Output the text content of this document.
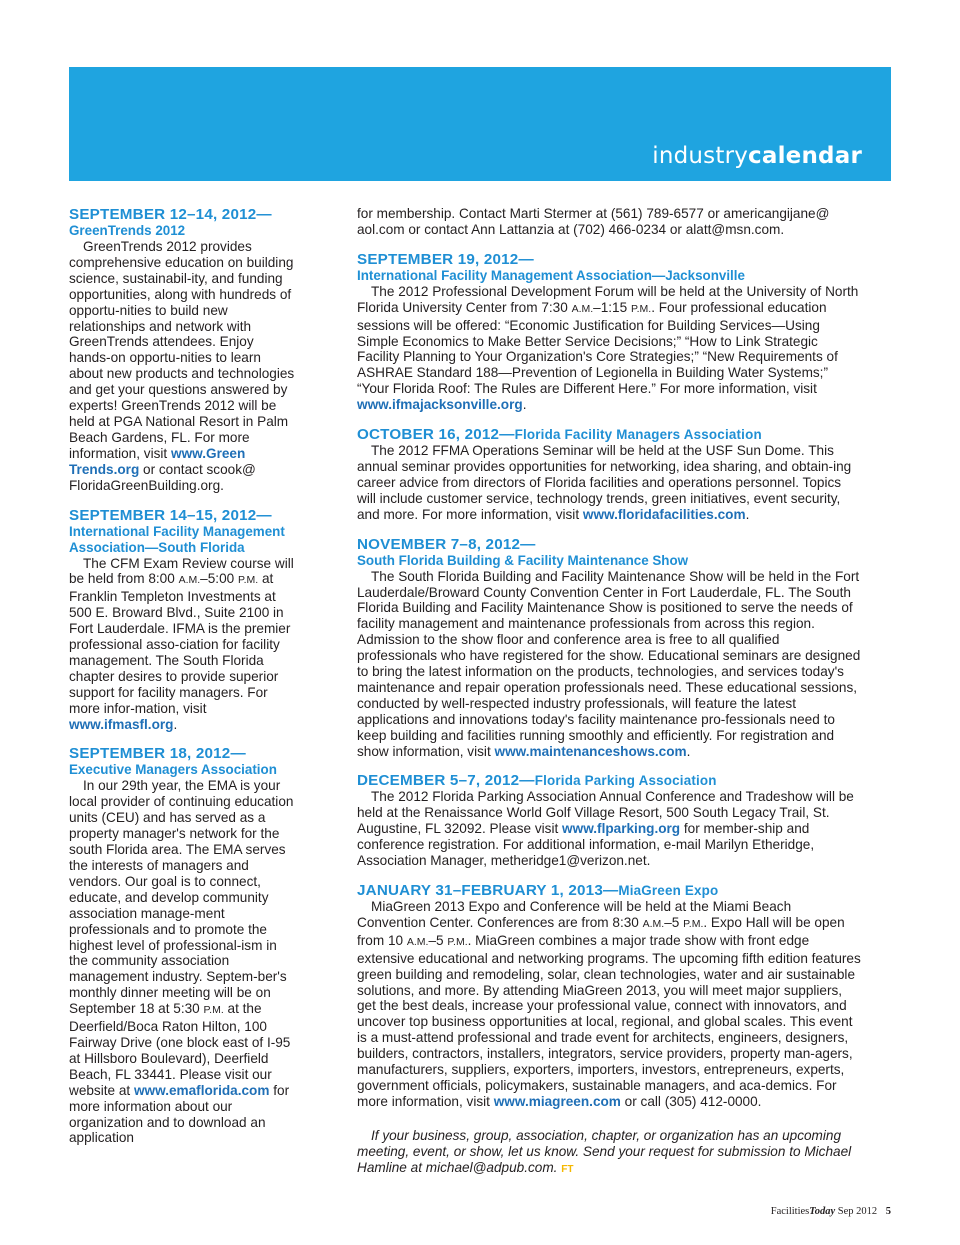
industrycalendar
SEPTEMBER 12–14, 2012—
GreenTrends 2012

GreenTrends 2012 provides comprehensive education on building science, sustainabil-ity, and funding opportunities, along with hundreds of opportu-nities to build new relationships and network with GreenTrends attendees. Enjoy hands-on opportu-nities to learn about new products and technologies and get your questions answered by experts! GreenTrends 2012 will be held at PGA National Resort in Palm Beach Gardens, FL. For more information, visit www.Green Trends.org or contact scook@ FloridaGreenBuilding.org.

SEPTEMBER 14–15, 2012—
International Facility Management Association—South Florida

The CFM Exam Review course will be held from 8:00 A.M.–5:00 P.M. at Franklin Templeton Investments at 500 E. Broward Blvd., Suite 2100 in Fort Lauderdale. IFMA is the premier professional asso-ciation for facility management. The South Florida chapter desires to provide superior support for facility managers. For more infor-mation, visit www.ifmasfl.org.

SEPTEMBER 18, 2012—
Executive Managers Association

In our 29th year, the EMA is your local provider of continuing education units (CEU) and has served as a property manager's network for the south Florida area. The EMA serves the interests of managers and vendors. Our goal is to connect, educate, and develop community association manage-ment professionals and to promote the highest level of professional-ism in the community association management industry. Septem-ber's monthly dinner meeting will be on September 18 at 5:30 P.M. at the Deerfield/Boca Raton Hilton, 100 Fairway Drive (one block east of I-95 at Hillsboro Boulevard), Deerfield Beach, FL 33441. Please visit our website at www.emaflorida.com for more information about our organization and to download an application

for membership. Contact Marti Stermer at (561) 789-6577 or americangijane@ aol.com or contact Ann Lattanzia at (702) 466-0234 or alatt@msn.com.

SEPTEMBER 19, 2012—
International Facility Management Association—Jacksonville

The 2012 Professional Development Forum will be held at the University of North Florida University Center from 7:30 A.M.–1:15 P.M.. Four professional education sessions will be offered: “Economic Justification for Building Services—Using Simple Economics to Make Better Service Decisions;” “How to Link Strategic Facility Planning to Your Organization's Core Strategies;” “New Requirements of ASHRAE Standard 188—Prevention of Legionella in Building Water Systems;” “Your Florida Roof: The Rules are Different Here.” For more information, visit www.ifmajacksonville.org.

OCTOBER 16, 2012—Florida Facility Managers Association

The 2012 FFMA Operations Seminar will be held at the USF Sun Dome. This annual seminar provides opportunities for networking, idea sharing, and obtain-ing career advice from directors of Florida facilities and operations personnel. Topics will include customer service, technology trends, green initiatives, event security, and more. For more information, visit www.floridafacilities.com.

NOVEMBER 7–8, 2012—
South Florida Building & Facility Maintenance Show

The South Florida Building and Facility Maintenance Show will be held in the Fort Lauderdale/Broward County Convention Center in Fort Lauderdale, FL. The South Florida Building and Facility Maintenance Show is positioned to serve the needs of facility management and maintenance professionals from across this region. Admission to the show floor and conference area is free to all qualified professionals who have registered for the show. Educational seminars are designed to bring the latest information on the products, technologies, and services today's maintenance and repair operation professionals need. These educational sessions, conducted by well-respected industry professionals, will feature the latest applications and innovations today's facility maintenance pro-fessionals need to keep building and facilities running smoothly and efficiently. For registration and show information, visit www.maintenanceshows.com.

DECEMBER 5–7, 2012—Florida Parking Association

The 2012 Florida Parking Association Annual Conference and Tradeshow will be held at the Renaissance World Golf Village Resort, 500 South Legacy Trail, St. Augustine, FL 32092. Please visit www.flparking.org for member-ship and conference registration. For additional information, e-mail Marilyn Etheridge, Association Manager, metheridge1@verizon.net.

JANUARY 31–FEBRUARY 1, 2013—MiaGreen Expo

MiaGreen 2013 Expo and Conference will be held at the Miami Beach Convention Center. Conferences are from 8:30 A.M.–5 P.M.. Expo Hall will be open from 10 A.M.–5 P.M.. MiaGreen combines a major trade show with front edge extensive educational and networking programs. The upcoming fifth edition features green building and remodeling, solar, clean technologies, water and air sustainable solutions, and more. By attending MiaGreen 2013, you will meet major suppliers, get the best deals, increase your professional value, connect with innovators, and uncover top business opportunities at local, regional, and global scales. This event is a must-attend professional and trade event for architects, engineers, designers, builders, contractors, installers, integrators, service providers, property man-agers, manufacturers, suppliers, exporters, importers, investors, entrepreneurs, experts, government officials, policymakers, sustainable managers, and aca-demics. For more information, visit www.miagreen.com or call (305) 412-0000.

If your business, group, association, chapter, or organization has an upcoming meeting, event, or show, let us know. Send your request for submission to Michael Hamline at michael@adpub.com. FT

FacilitiesToday Sep 2012 5
